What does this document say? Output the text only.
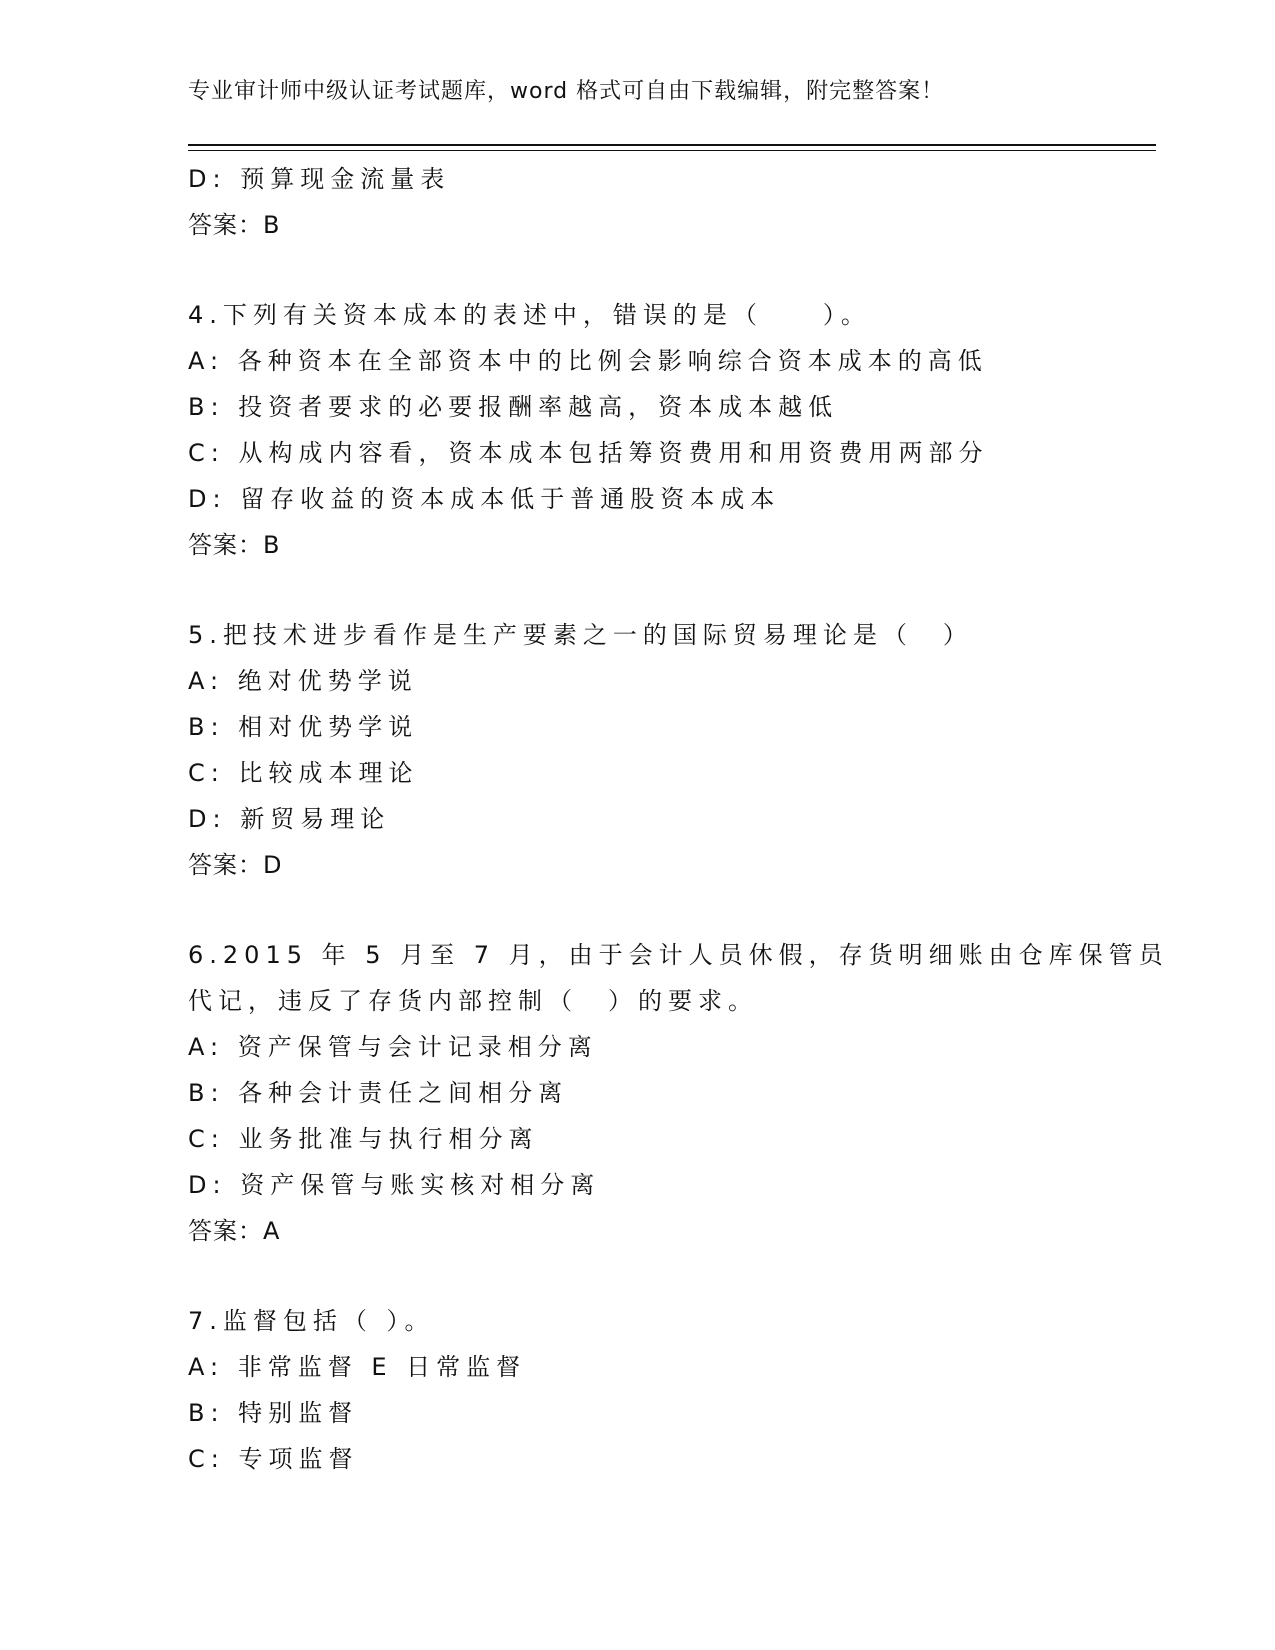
专业审计师中级认证考试题库，word 格式可自由下载编辑，附完整答案！
D: 预算现金流量表
答案：B
4.下列有关资本成本的表述中，错误的是（　　）。
A: 各种资本在全部资本中的比例会影响综合资本成本的高低
B: 投资者要求的必要报酬率越高，资本成本越低
C: 从构成内容看，资本成本包括筹资费用和用资费用两部分
D: 留存收益的资本成本低于普通股资本成本
答案：B
5.把技术进步看作是生产要素之一的国际贸易理论是（　）
A: 绝对优势学说
B: 相对优势学说
C: 比较成本理论
D: 新贸易理论
答案：D
6.2015 年 5 月至 7 月，由于会计人员休假，存货明细账由仓库保管员
代记，违反了存货内部控制（　）的要求。
A: 资产保管与会计记录相分离
B: 各种会计责任之间相分离
C: 业务批准与执行相分离
D: 资产保管与账实核对相分离
答案：A
7.监督包括（ ）。
A: 非常监督 E 日常监督
B: 特别监督
C: 专项监督
